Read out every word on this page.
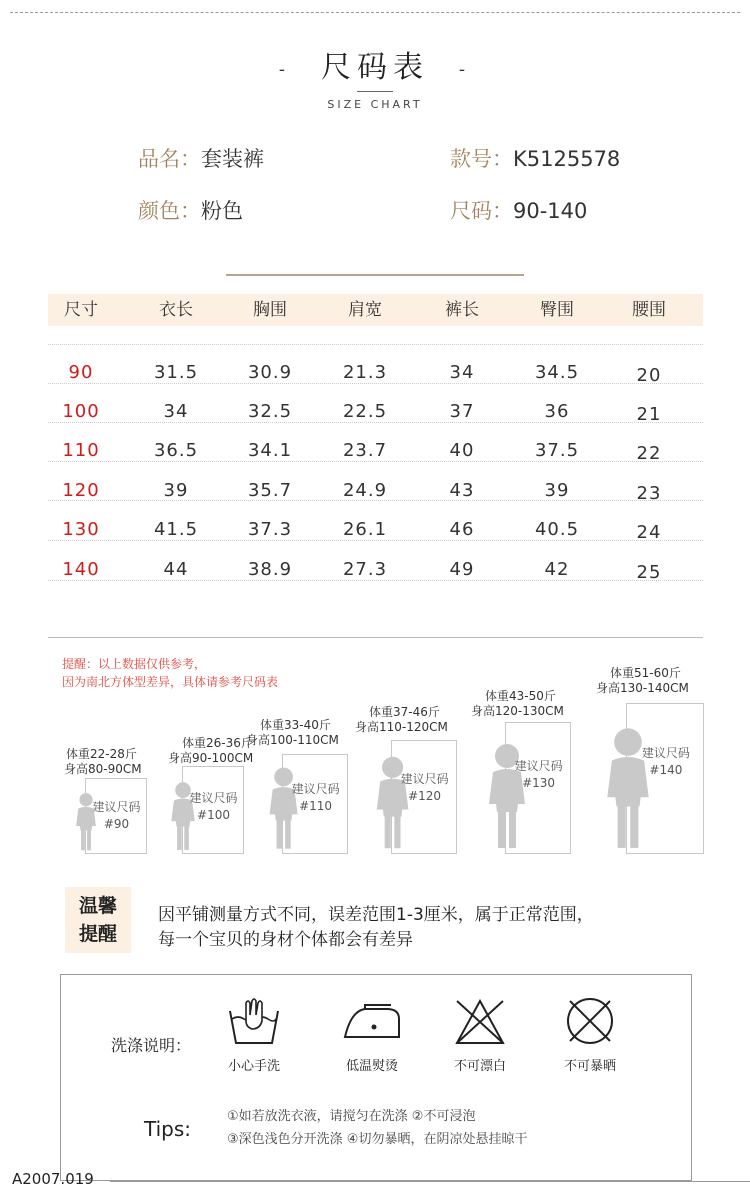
- 尺码表 -
SIZE CHART
品名：套装裤	款号：K5125578
颜色：粉色	尺码：90-140
尺寸	衣长	胸围	肩宽	裤长	臀围	腰围
90	31.5	30.9	21.3	34	34.5	20
100	34	32.5	22.5	37	36	21
110	36.5	34.1	23.7	40	37.5	22
120	39	35.7	24.9	43	39	23
130	41.5	37.3	26.1	46	40.5	24
140	44	38.9	27.3	49	42	25
提醒：以上数据仅供参考，
因为南北方体型差异，具体请参考尺码表
体重22-28斤
身高80-90CM
建议尺码
#90
体重26-36斤
身高90-100CM
建议尺码
#100
体重33-40斤
身高100-110CM
建议尺码
#110
体重37-46斤
身高110-120CM
建议尺码
#120
体重43-50斤
身高120-130CM
建议尺码
#130
体重51-60斤
身高130-140CM
建议尺码
#140
温馨
提醒
因平铺测量方式不同，误差范围1-3厘米，属于正常范围，
每一个宝贝的身材个体都会有差异
洗涤说明：
小心手洗	低温熨烫	不可漂白	不可暴晒
Tips:
①如若放洗衣液，请搅匀在洗涤 ②不可浸泡
③深色浅色分开洗涤 ④切勿暴晒，在阴凉处悬挂晾干
A2007.019
